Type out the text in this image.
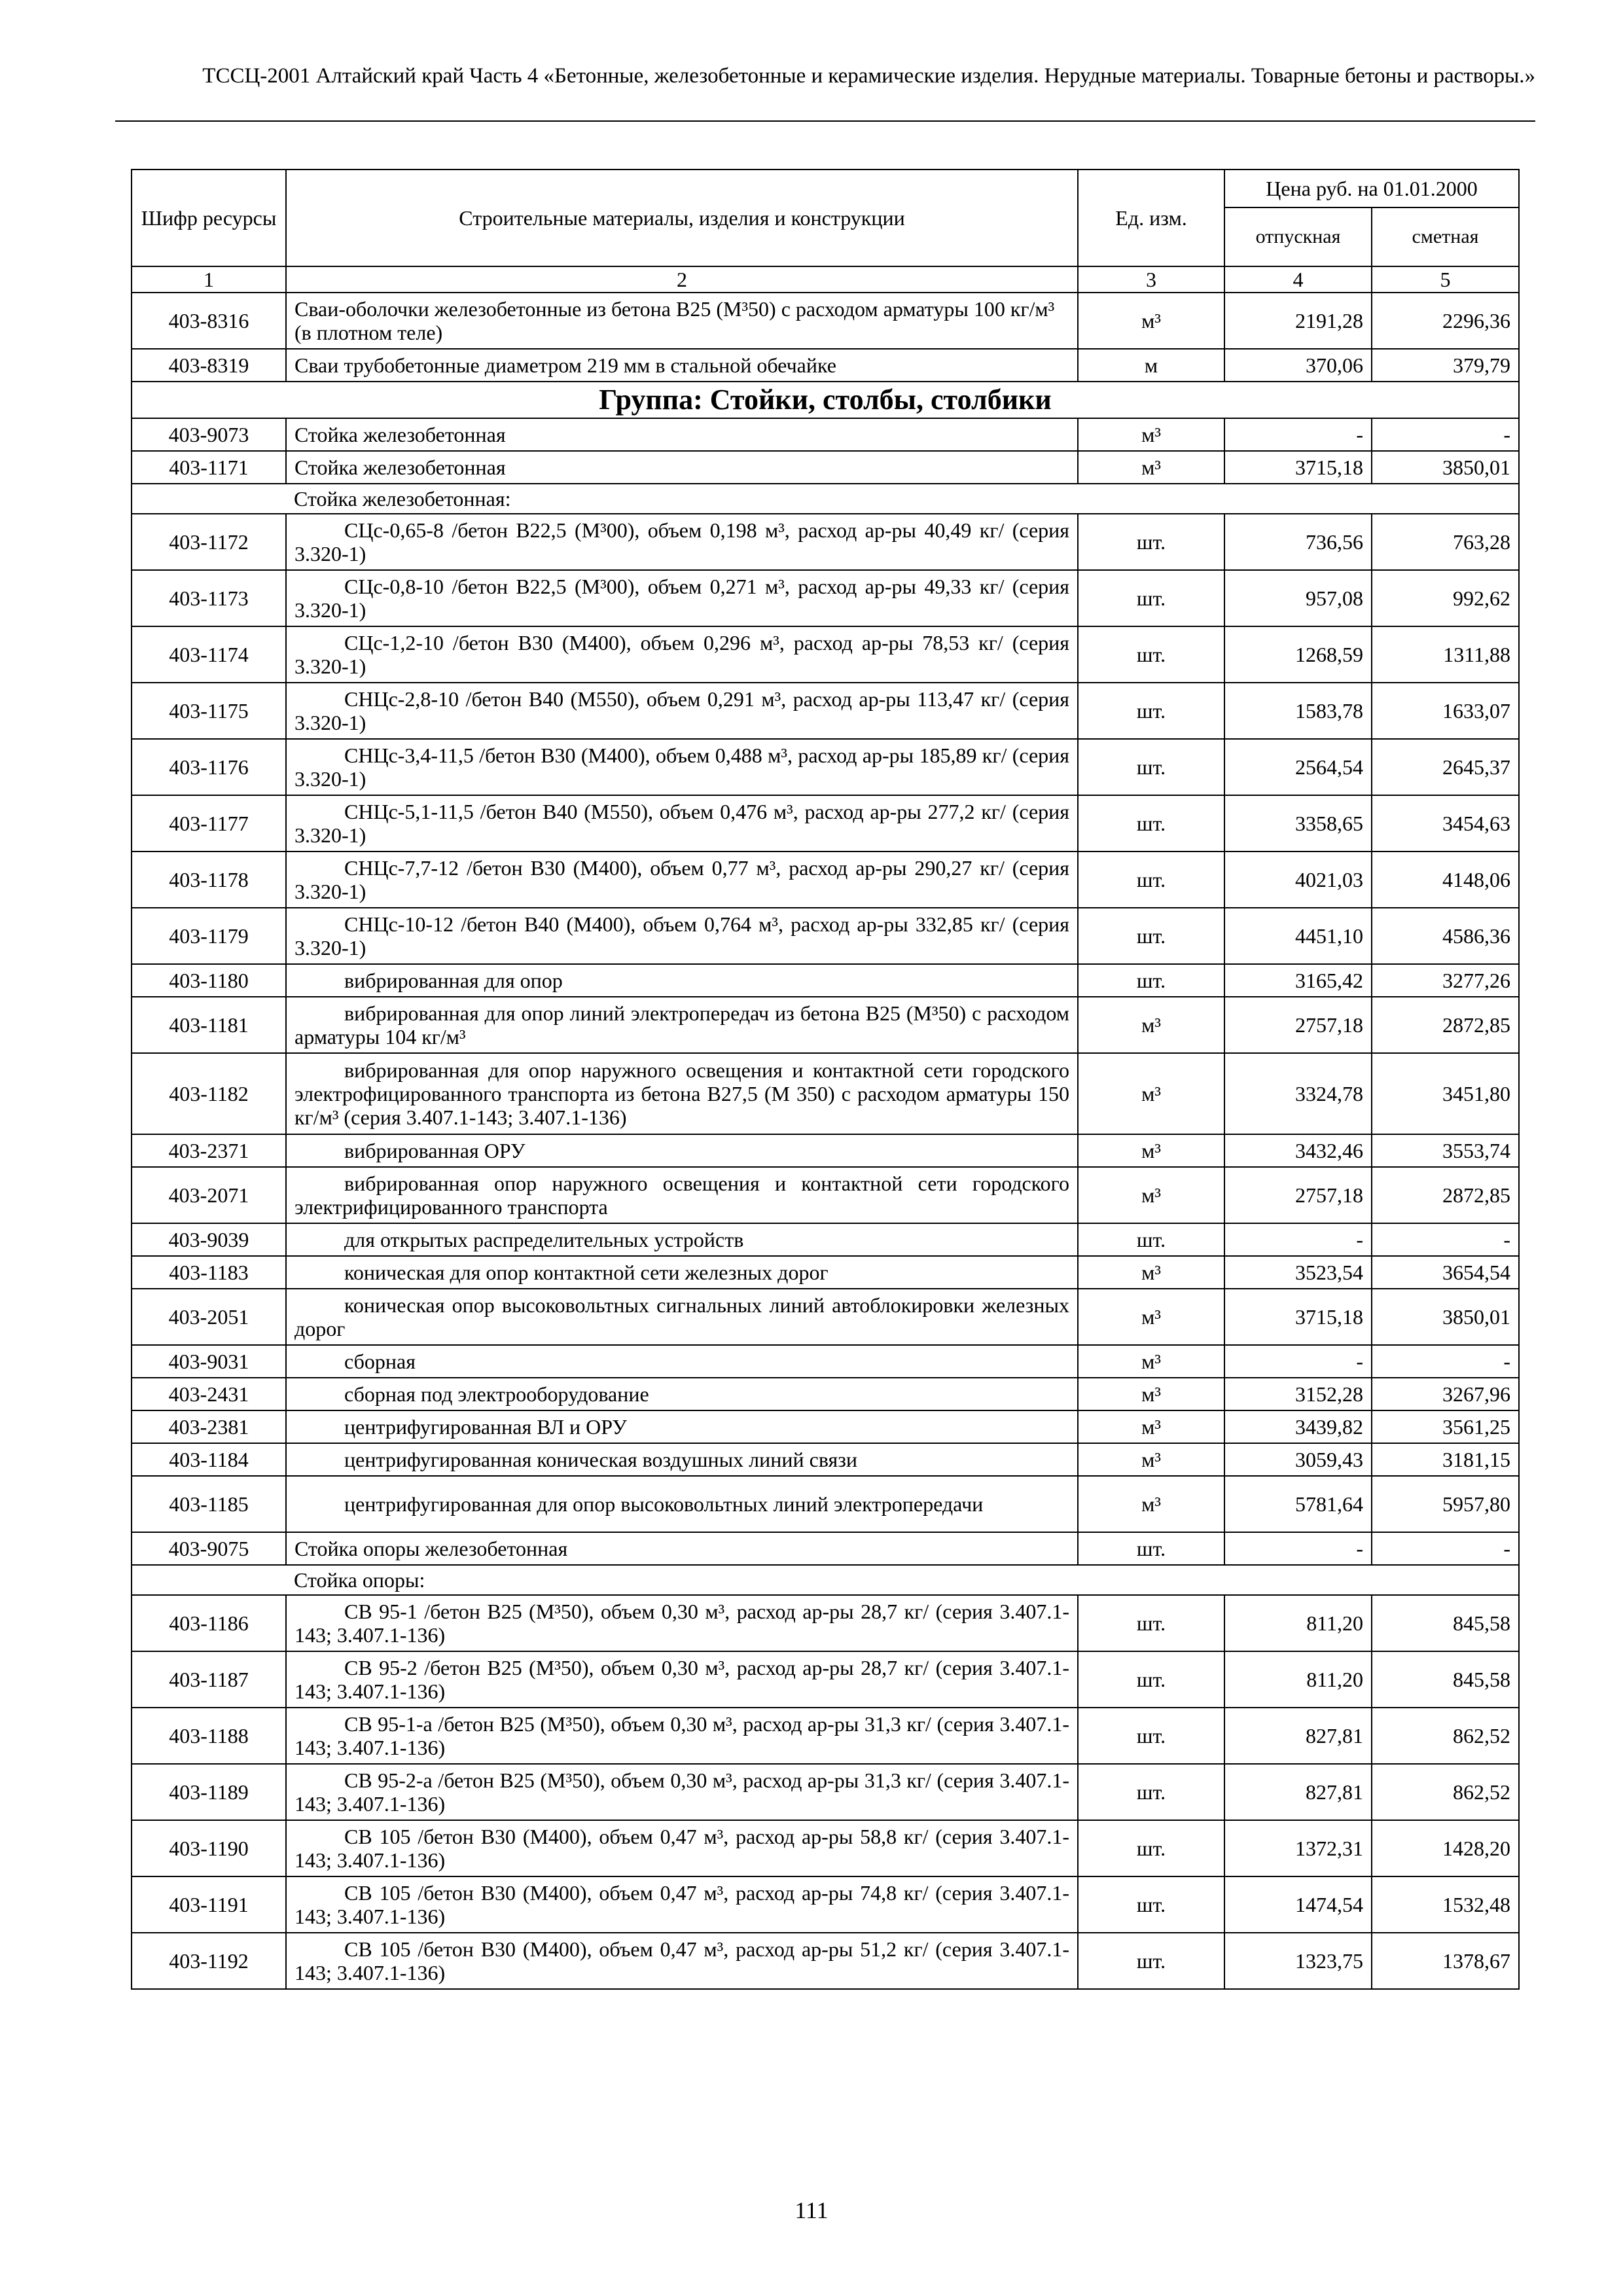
ТССЦ-2001 Алтайский край Часть 4 «Бетонные, железобетонные и керамические изделия. Нерудные материалы. Товарные бетоны и растворы.»
Шифр ресурсы	Строительные материалы, изделия и конструкции	Ед. изм.	Цена руб. на 01.01.2000	
			отпускная	сметная
1	2	3	4	5
403-8316	Сваи-оболочки железобетонные из бетона В25 (М³50) с расходом арматуры 100 кг/м³ (в плотном теле)	м³	2191,28	2296,36
403-8319	Сваи трубобетонные диаметром 219 мм в стальной обечайке	м	370,06	379,79
Группа: Стойки, столбы, столбики				
403-9073	Стойка железобетонная	м³	-	-
403-1171	Стойка железобетонная	м³	3715,18	3850,01
	Стойка железобетонная:			
403-1172	СЦс-0,65-8 /бетон В22,5 (М³00), объем 0,198 м³, расход ар-ры 40,49 кг/ (серия 3.320-1)	шт.	736,56	763,28
403-1173	СЦс-0,8-10 /бетон В22,5 (М³00), объем 0,271 м³, расход ар-ры 49,33 кг/ (серия 3.320-1)	шт.	957,08	992,62
403-1174	СЦс-1,2-10 /бетон В30 (М400), объем 0,296 м³, расход ар-ры 78,53 кг/ (серия 3.320-1)	шт.	1268,59	1311,88
403-1175	СНЦс-2,8-10 /бетон В40 (М550), объем 0,291 м³, расход ар-ры 113,47 кг/ (серия 3.320-1)	шт.	1583,78	1633,07
403-1176	СНЦс-3,4-11,5 /бетон В30 (М400), объем 0,488 м³, расход ар-ры 185,89 кг/ (серия 3.320-1)	шт.	2564,54	2645,37
403-1177	СНЦс-5,1-11,5 /бетон В40 (М550), объем 0,476 м³, расход ар-ры 277,2 кг/ (серия 3.320-1)	шт.	3358,65	3454,63
403-1178	СНЦс-7,7-12 /бетон В30 (М400), объем 0,77 м³, расход ар-ры 290,27 кг/ (серия 3.320-1)	шт.	4021,03	4148,06
403-1179	СНЦс-10-12 /бетон В40 (М400), объем 0,764 м³, расход ар-ры 332,85 кг/ (серия 3.320-1)	шт.	4451,10	4586,36
403-1180	вибрированная для опор	шт.	3165,42	3277,26
403-1181	вибрированная для опор линий электропередач из бетона В25 (М³50) с расходом арматуры 104 кг/м³	м³	2757,18	2872,85
403-1182	вибрированная для опор наружного освещения и контактной сети городского электрофицированного транспорта из бетона В27,5 (М 350) с расходом арматуры 150 кг/м³ (серия 3.407.1-143; 3.407.1-136)	м³	3324,78	3451,80
403-2371	вибрированная ОРУ	м³	3432,46	3553,74
403-2071	вибрированная опор наружного освещения и контактной сети городского электрифицированного транспорта	м³	2757,18	2872,85
403-9039	для открытых распределительных устройств	шт.	-	-
403-1183	коническая для опор контактной сети железных дорог	м³	3523,54	3654,54
403-2051	коническая опор высоковольтных сигнальных линий автоблокировки железных дорог	м³	3715,18	3850,01
403-9031	сборная	м³	-	-
403-2431	сборная под электрооборудование	м³	3152,28	3267,96
403-2381	центрифугированная ВЛ и ОРУ	м³	3439,82	3561,25
403-1184	центрифугированная коническая воздушных линий связи	м³	3059,43	3181,15
403-1185	центрифугированная для опор высоковольтных линий электропередачи	м³	5781,64	5957,80
403-9075	Стойка опоры железобетонная	шт.	-	-
	Стойка опоры:			
403-1186	СВ 95-1 /бетон В25 (М³50), объем 0,30 м³, расход ар-ры 28,7 кг/ (серия 3.407.1-143; 3.407.1-136)	шт.	811,20	845,58
403-1187	СВ 95-2 /бетон В25 (М³50), объем 0,30 м³, расход ар-ры 28,7 кг/ (серия 3.407.1-143; 3.407.1-136)	шт.	811,20	845,58
403-1188	СВ 95-1-а /бетон В25 (М³50), объем 0,30 м³, расход ар-ры 31,3 кг/ (серия 3.407.1-143; 3.407.1-136)	шт.	827,81	862,52
403-1189	СВ 95-2-а /бетон В25 (М³50), объем 0,30 м³, расход ар-ры 31,3 кг/ (серия 3.407.1-143; 3.407.1-136)	шт.	827,81	862,52
403-1190	СВ 105 /бетон В30 (М400), объем 0,47 м³, расход ар-ры 58,8 кг/ (серия 3.407.1-143; 3.407.1-136)	шт.	1372,31	1428,20
403-1191	СВ 105 /бетон В30 (М400), объем 0,47 м³, расход ар-ры 74,8 кг/ (серия 3.407.1-143; 3.407.1-136)	шт.	1474,54	1532,48
403-1192	СВ 105 /бетон В30 (М400), объем 0,47 м³, расход ар-ры 51,2 кг/ (серия 3.407.1-143; 3.407.1-136)	шт.	1323,75	1378,67
111
